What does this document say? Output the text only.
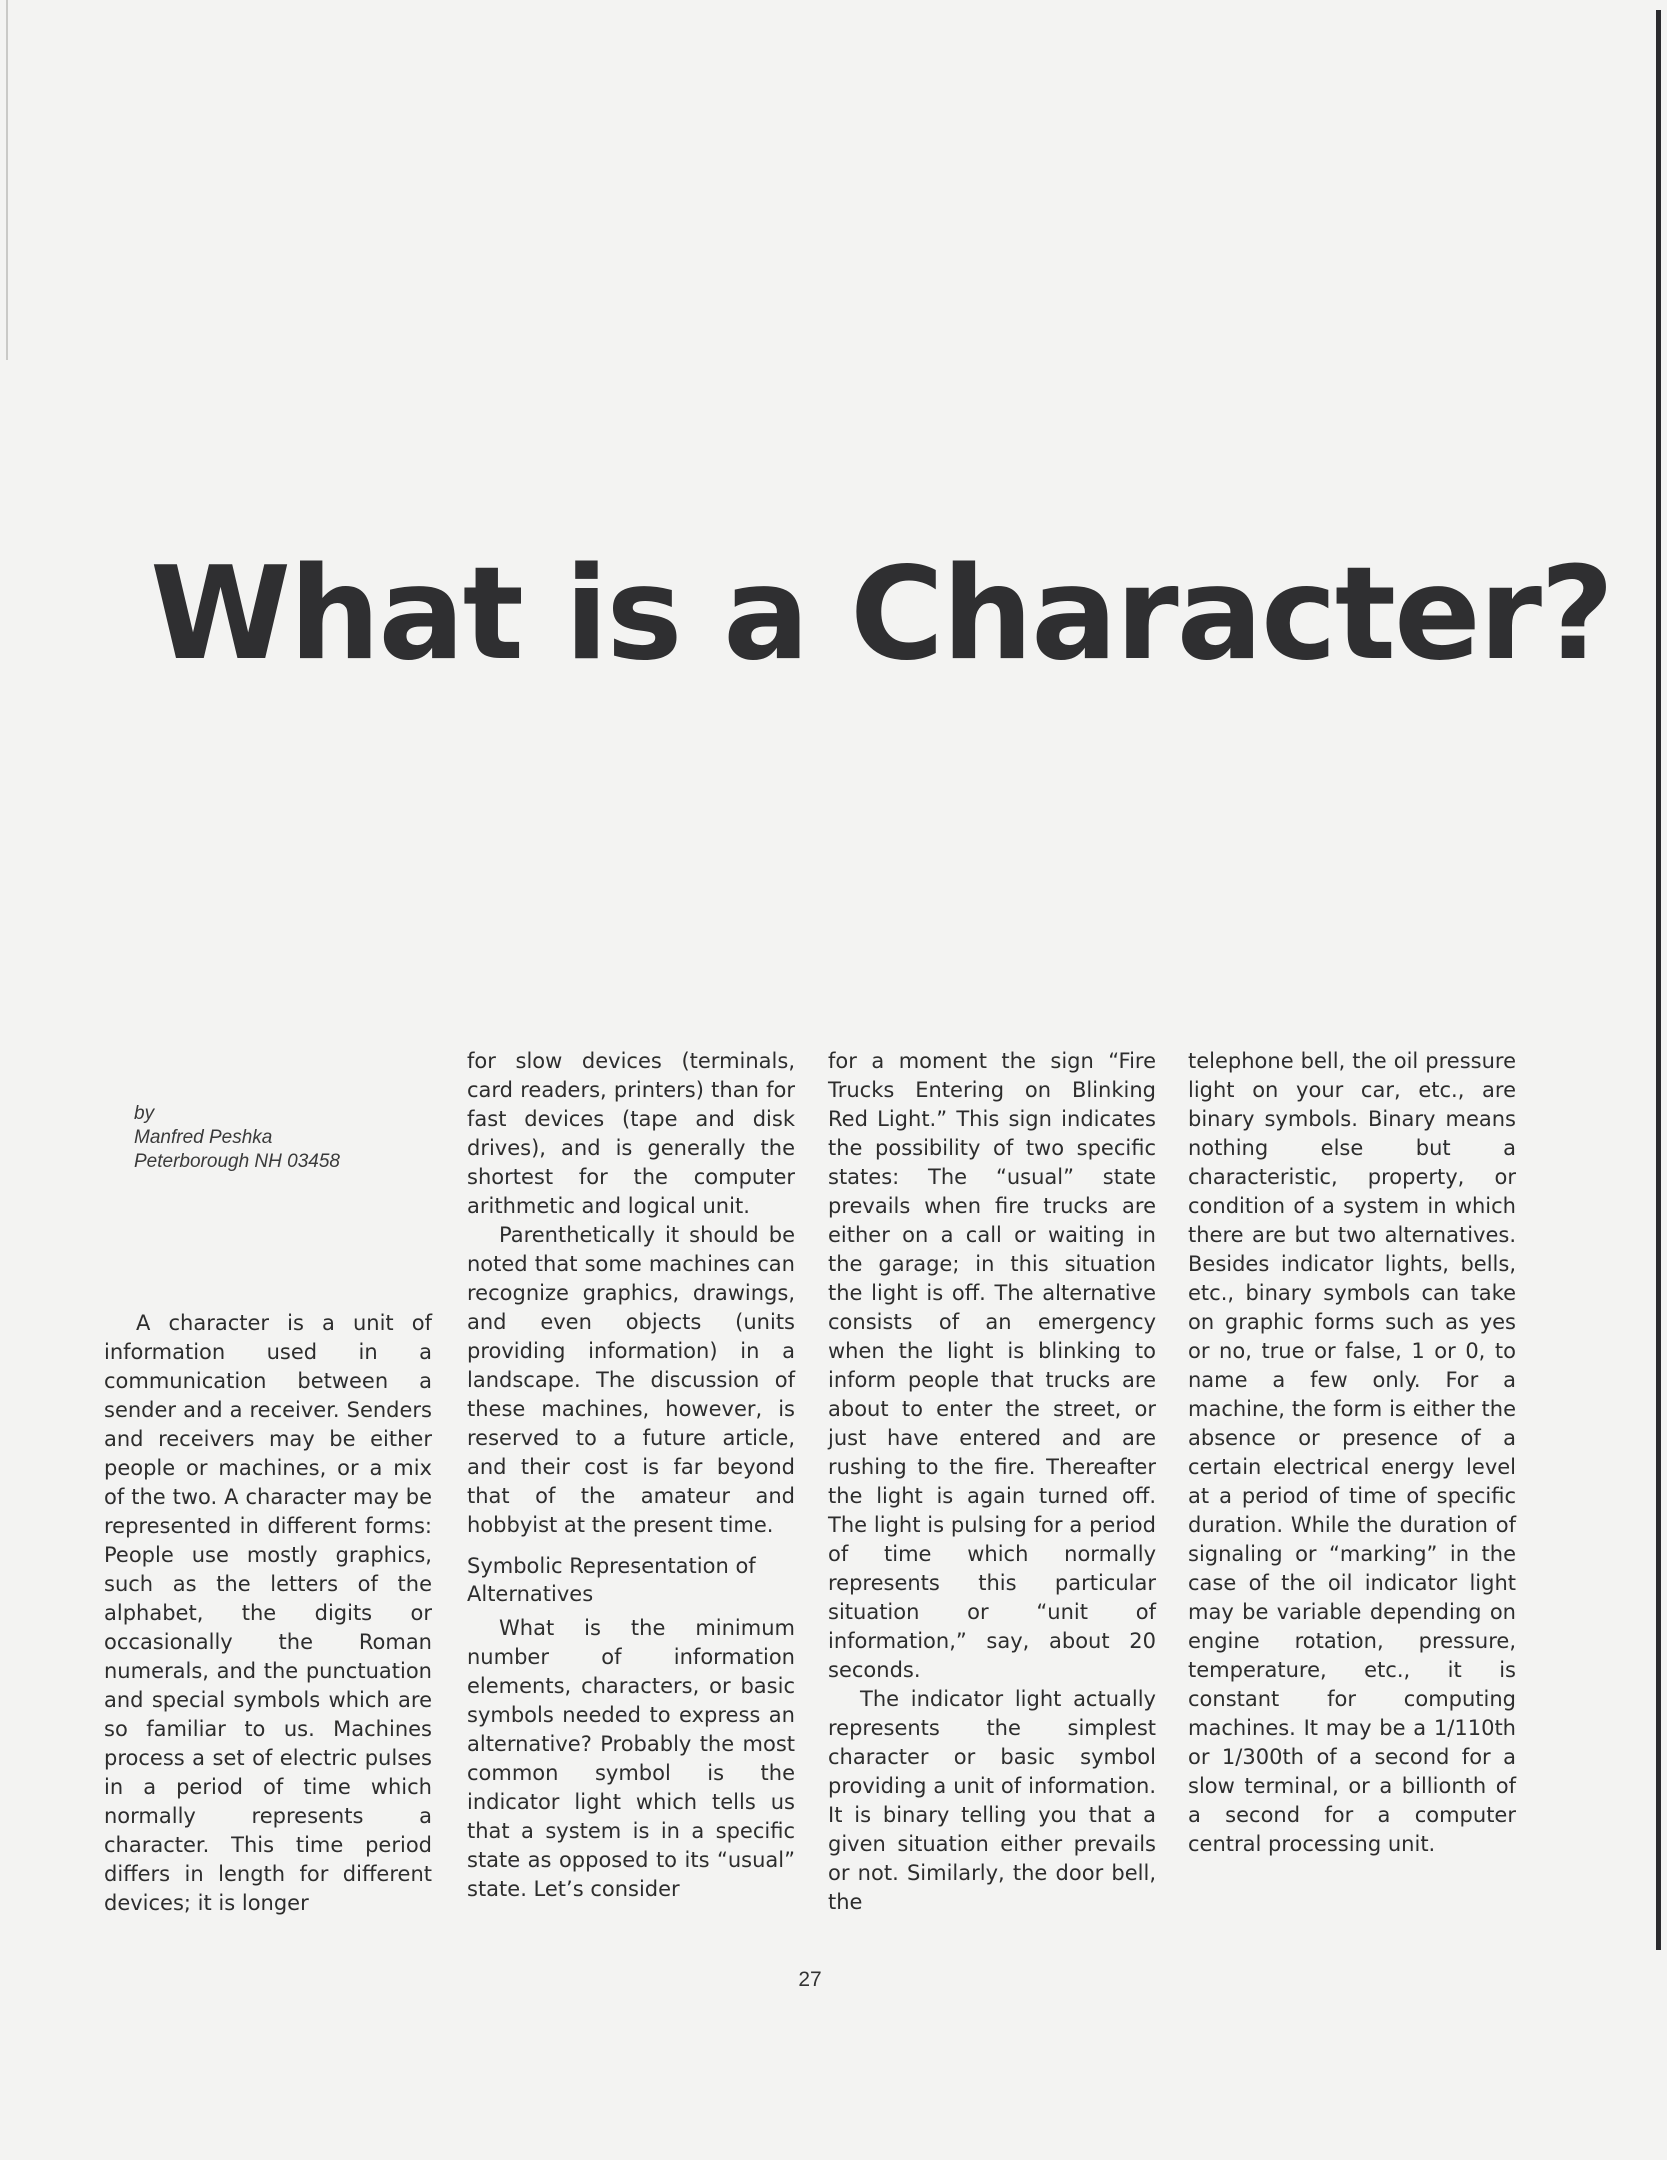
What is a Character?
by
Manfred Peshka
Peterborough NH 03458

A character is a unit of information used in a communication between a sender and a receiver. Senders and receivers may be either people or machines, or a mix of the two. A character may be represented in different forms: People use mostly graphics, such as the letters of the alphabet, the digits or occasionally the Roman numerals, and the punctuation and special symbols which are so familiar to us. Machines process a set of electric pulses in a period of time which normally represents a character. This time period differs in length for different devices; it is longer

for slow devices (terminals, card readers, printers) than for fast devices (tape and disk drives), and is generally the shortest for the computer arithmetic and logical unit.

Parenthetically it should be noted that some machines can recognize graphics, drawings, and even objects (units providing information) in a landscape. The discussion of these machines, however, is reserved to a future article, and their cost is far beyond that of the amateur and hobbyist at the present time.

Symbolic Representation of Alternatives

What is the minimum number of information elements, characters, or basic symbols needed to express an alternative? Probably the most common symbol is the indicator light which tells us that a system is in a specific state as opposed to its “usual” state. Let’s consider

for a moment the sign “Fire Trucks Entering on Blinking Red Light.” This sign indicates the possibility of two specific states: The “usual” state prevails when fire trucks are either on a call or waiting in the garage; in this situation the light is off. The alternative consists of an emergency when the light is blinking to inform people that trucks are about to enter the street, or just have entered and are rushing to the fire. Thereafter the light is again turned off. The light is pulsing for a period of time which normally represents this particular situation or “unit of information,” say, about 20 seconds.

The indicator light actually represents the simplest character or basic symbol providing a unit of information. It is binary telling you that a given situation either prevails or not. Similarly, the door bell, the

telephone bell, the oil pressure light on your car, etc., are binary symbols. Binary means nothing else but a characteristic, property, or condition of a system in which there are but two alternatives. Besides indicator lights, bells, etc., binary symbols can take on graphic forms such as yes or no, true or false, 1 or 0, to name a few only. For a machine, the form is either the absence or presence of a certain electrical energy level at a period of time of specific duration. While the duration of signaling or “marking” in the case of the oil indicator light may be variable depending on engine rotation, pressure, temperature, etc., it is constant for computing machines. It may be a 1/110th or 1/300th of a second for a slow terminal, or a billionth of a second for a computer central processing unit.

27
